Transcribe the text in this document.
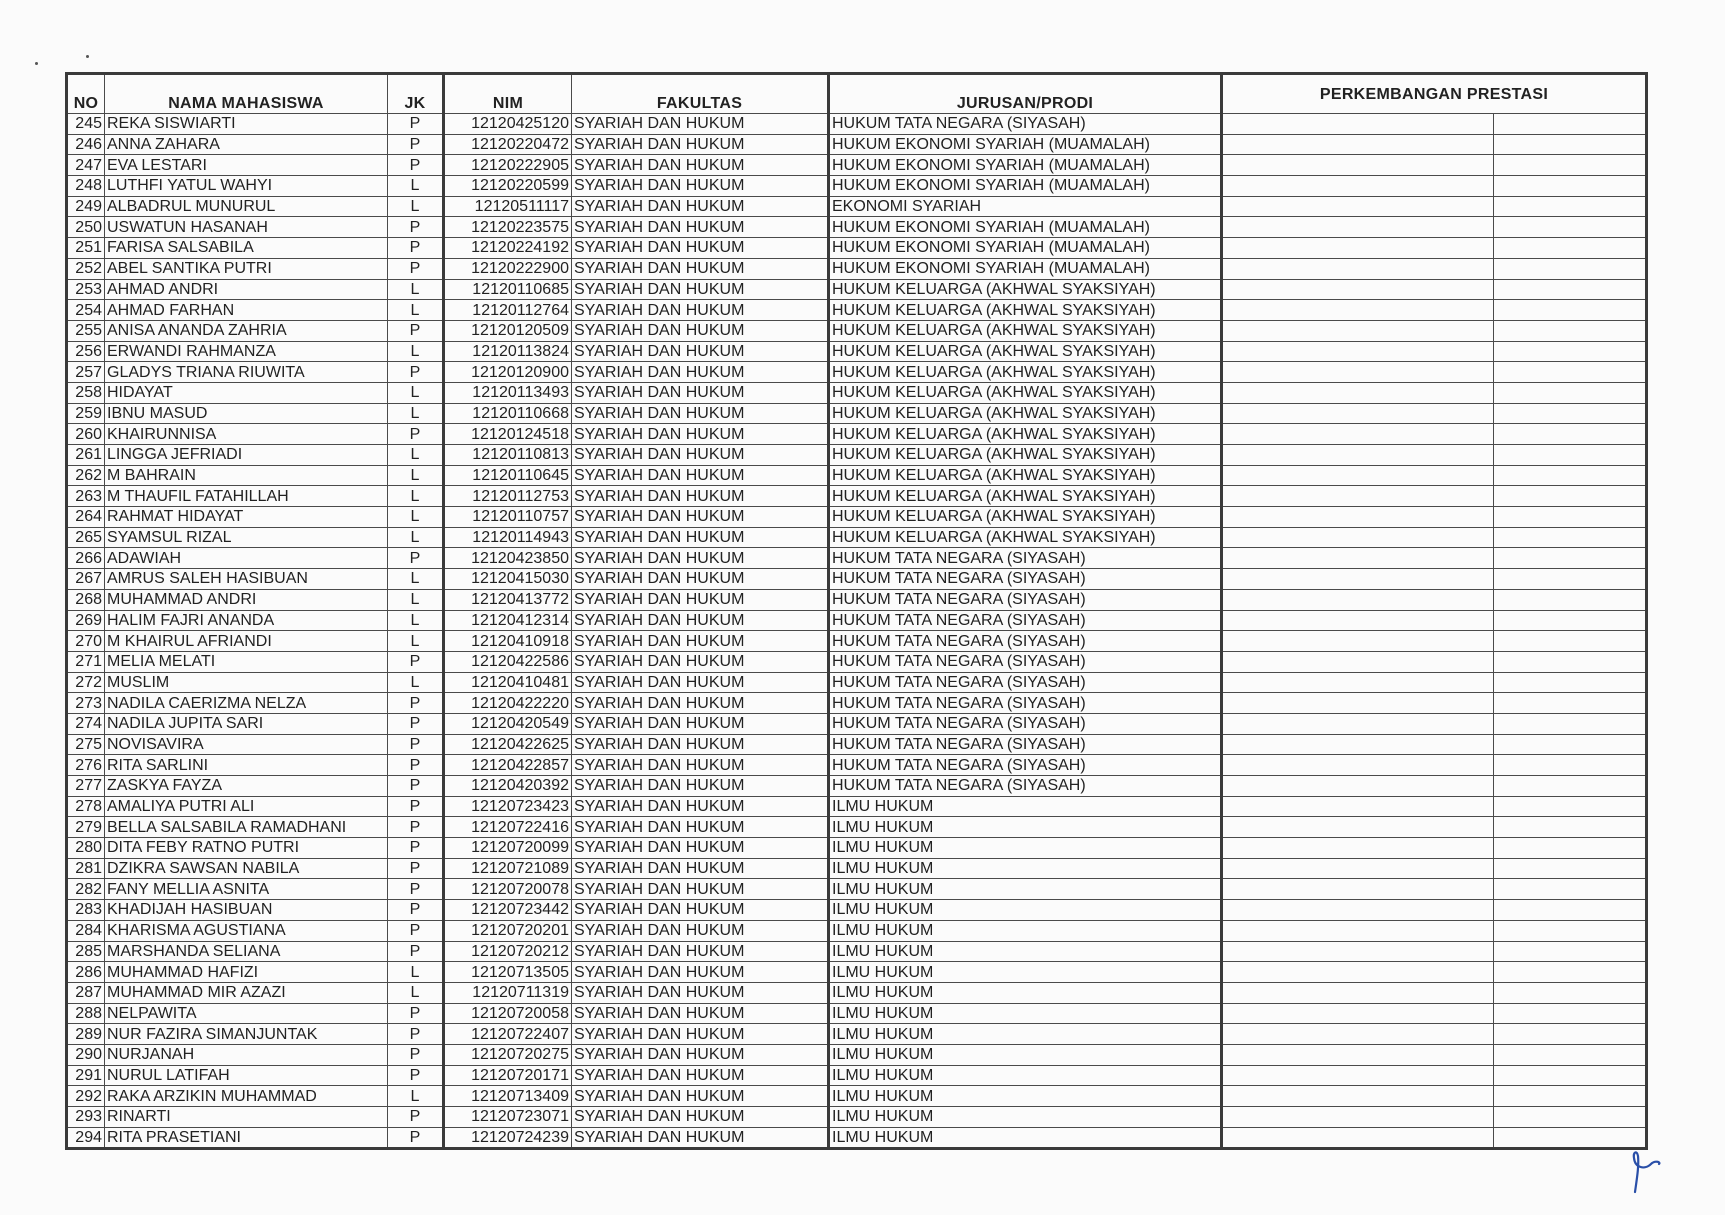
NO	NAMA MAHASISWA	JK	NIM	FAKULTAS	JURUSAN/PRODI	PERKEMBANGAN PRESTASI	
245	REKA SISWIARTI	P	12120425120	SYARIAH DAN HUKUM	HUKUM TATA NEGARA (SIYASAH)		
246	ANNA ZAHARA	P	12120220472	SYARIAH DAN HUKUM	HUKUM EKONOMI SYARIAH (MUAMALAH)		
247	EVA LESTARI	P	12120222905	SYARIAH DAN HUKUM	HUKUM EKONOMI SYARIAH (MUAMALAH)		
248	LUTHFI YATUL WAHYI	L	12120220599	SYARIAH DAN HUKUM	HUKUM EKONOMI SYARIAH (MUAMALAH)		
249	ALBADRUL MUNURUL	L	12120511117	SYARIAH DAN HUKUM	EKONOMI SYARIAH		
250	USWATUN HASANAH	P	12120223575	SYARIAH DAN HUKUM	HUKUM EKONOMI SYARIAH (MUAMALAH)		
251	FARISA SALSABILA	P	12120224192	SYARIAH DAN HUKUM	HUKUM EKONOMI SYARIAH (MUAMALAH)		
252	ABEL SANTIKA PUTRI	P	12120222900	SYARIAH DAN HUKUM	HUKUM EKONOMI SYARIAH (MUAMALAH)		
253	AHMAD ANDRI	L	12120110685	SYARIAH DAN HUKUM	HUKUM KELUARGA (AKHWAL SYAKSIYAH)		
254	AHMAD FARHAN	L	12120112764	SYARIAH DAN HUKUM	HUKUM KELUARGA (AKHWAL SYAKSIYAH)		
255	ANISA ANANDA ZAHRIA	P	12120120509	SYARIAH DAN HUKUM	HUKUM KELUARGA (AKHWAL SYAKSIYAH)		
256	ERWANDI RAHMANZA	L	12120113824	SYARIAH DAN HUKUM	HUKUM KELUARGA (AKHWAL SYAKSIYAH)		
257	GLADYS TRIANA RIUWITA	P	12120120900	SYARIAH DAN HUKUM	HUKUM KELUARGA (AKHWAL SYAKSIYAH)		
258	HIDAYAT	L	12120113493	SYARIAH DAN HUKUM	HUKUM KELUARGA (AKHWAL SYAKSIYAH)		
259	IBNU MASUD	L	12120110668	SYARIAH DAN HUKUM	HUKUM KELUARGA (AKHWAL SYAKSIYAH)		
260	KHAIRUNNISA	P	12120124518	SYARIAH DAN HUKUM	HUKUM KELUARGA (AKHWAL SYAKSIYAH)		
261	LINGGA JEFRIADI	L	12120110813	SYARIAH DAN HUKUM	HUKUM KELUARGA (AKHWAL SYAKSIYAH)		
262	M BAHRAIN	L	12120110645	SYARIAH DAN HUKUM	HUKUM KELUARGA (AKHWAL SYAKSIYAH)		
263	M THAUFIL FATAHILLAH	L	12120112753	SYARIAH DAN HUKUM	HUKUM KELUARGA (AKHWAL SYAKSIYAH)		
264	RAHMAT HIDAYAT	L	12120110757	SYARIAH DAN HUKUM	HUKUM KELUARGA (AKHWAL SYAKSIYAH)		
265	SYAMSUL RIZAL	L	12120114943	SYARIAH DAN HUKUM	HUKUM KELUARGA (AKHWAL SYAKSIYAH)		
266	ADAWIAH	P	12120423850	SYARIAH DAN HUKUM	HUKUM TATA NEGARA (SIYASAH)		
267	AMRUS SALEH HASIBUAN	L	12120415030	SYARIAH DAN HUKUM	HUKUM TATA NEGARA (SIYASAH)		
268	MUHAMMAD ANDRI	L	12120413772	SYARIAH DAN HUKUM	HUKUM TATA NEGARA (SIYASAH)		
269	HALIM FAJRI ANANDA	L	12120412314	SYARIAH DAN HUKUM	HUKUM TATA NEGARA (SIYASAH)		
270	M KHAIRUL AFRIANDI	L	12120410918	SYARIAH DAN HUKUM	HUKUM TATA NEGARA (SIYASAH)		
271	MELIA MELATI	P	12120422586	SYARIAH DAN HUKUM	HUKUM TATA NEGARA (SIYASAH)		
272	MUSLIM	L	12120410481	SYARIAH DAN HUKUM	HUKUM TATA NEGARA (SIYASAH)		
273	NADILA CAERIZMA NELZA	P	12120422220	SYARIAH DAN HUKUM	HUKUM TATA NEGARA (SIYASAH)		
274	NADILA JUPITA SARI	P	12120420549	SYARIAH DAN HUKUM	HUKUM TATA NEGARA (SIYASAH)		
275	NOVISAVIRA	P	12120422625	SYARIAH DAN HUKUM	HUKUM TATA NEGARA (SIYASAH)		
276	RITA SARLINI	P	12120422857	SYARIAH DAN HUKUM	HUKUM TATA NEGARA (SIYASAH)		
277	ZASKYA FAYZA	P	12120420392	SYARIAH DAN HUKUM	HUKUM TATA NEGARA (SIYASAH)		
278	AMALIYA PUTRI ALI	P	12120723423	SYARIAH DAN HUKUM	ILMU HUKUM		
279	BELLA SALSABILA RAMADHANI	P	12120722416	SYARIAH DAN HUKUM	ILMU HUKUM		
280	DITA FEBY RATNO PUTRI	P	12120720099	SYARIAH DAN HUKUM	ILMU HUKUM		
281	DZIKRA SAWSAN NABILA	P	12120721089	SYARIAH DAN HUKUM	ILMU HUKUM		
282	FANY MELLIA ASNITA	P	12120720078	SYARIAH DAN HUKUM	ILMU HUKUM		
283	KHADIJAH HASIBUAN	P	12120723442	SYARIAH DAN HUKUM	ILMU HUKUM		
284	KHARISMA AGUSTIANA	P	12120720201	SYARIAH DAN HUKUM	ILMU HUKUM		
285	MARSHANDA SELIANA	P	12120720212	SYARIAH DAN HUKUM	ILMU HUKUM		
286	MUHAMMAD HAFIZI	L	12120713505	SYARIAH DAN HUKUM	ILMU HUKUM		
287	MUHAMMAD MIR AZAZI	L	12120711319	SYARIAH DAN HUKUM	ILMU HUKUM		
288	NELPAWITA	P	12120720058	SYARIAH DAN HUKUM	ILMU HUKUM		
289	NUR FAZIRA SIMANJUNTAK	P	12120722407	SYARIAH DAN HUKUM	ILMU HUKUM		
290	NURJANAH	P	12120720275	SYARIAH DAN HUKUM	ILMU HUKUM		
291	NURUL LATIFAH	P	12120720171	SYARIAH DAN HUKUM	ILMU HUKUM		
292	RAKA ARZIKIN MUHAMMAD	L	12120713409	SYARIAH DAN HUKUM	ILMU HUKUM		
293	RINARTI	P	12120723071	SYARIAH DAN HUKUM	ILMU HUKUM		
294	RITA PRASETIANI	P	12120724239	SYARIAH DAN HUKUM	ILMU HUKUM		
